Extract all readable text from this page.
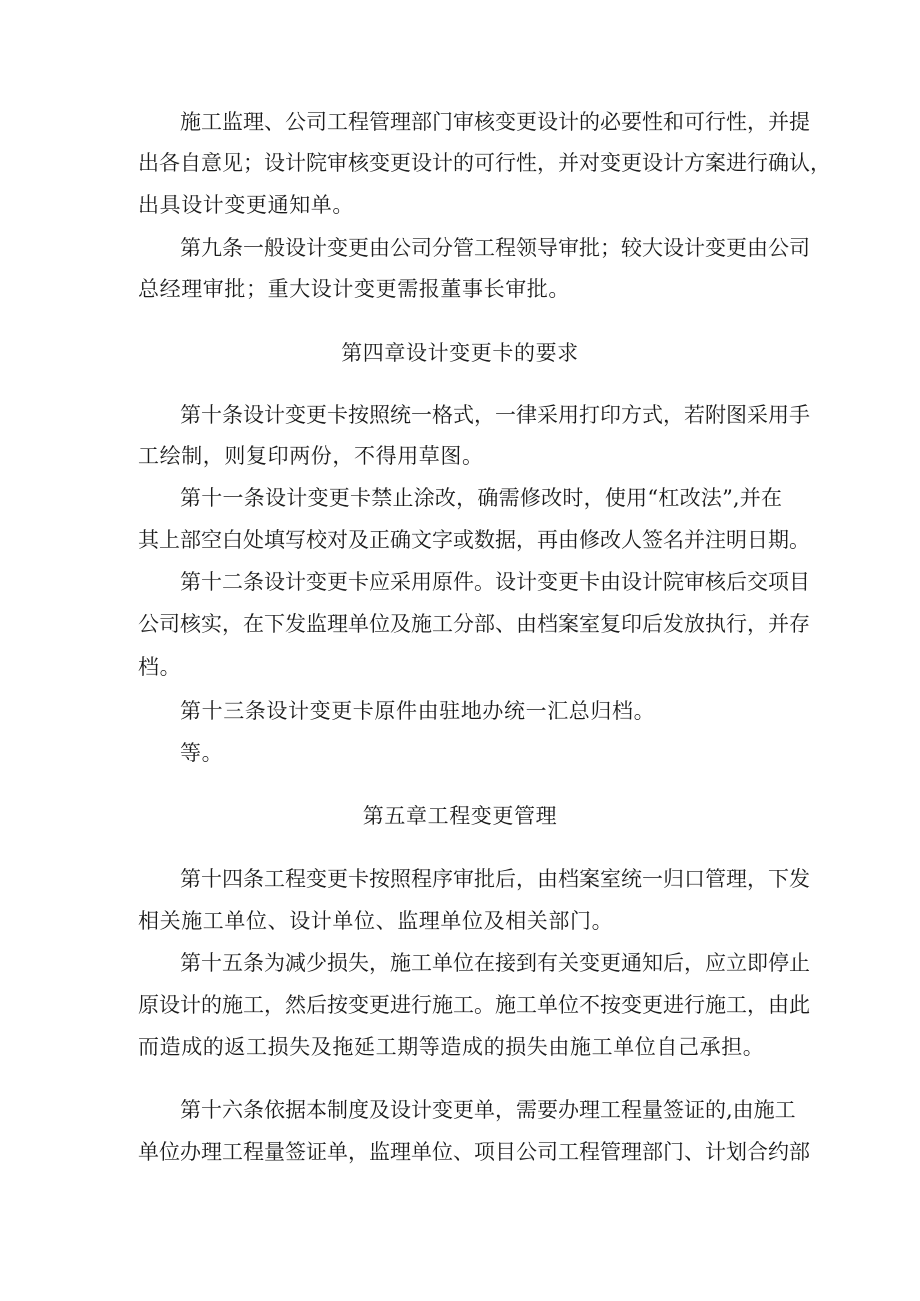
施工监理、公司工程管理部门审核变更设计的必要性和可行性，并提
出各自意见；设计院审核变更设计的可行性，并对变更设计方案进行确认，
出具设计变更通知单。
第九条一般设计变更由公司分管工程领导审批；较大设计变更由公司
总经理审批；重大设计变更需报董事长审批。
第四章设计变更卡的要求
第十条设计变更卡按照统一格式，一律采用打印方式，若附图采用手
工绘制，则复印两份，不得用草图。
第十一条设计变更卡禁止涂改，确需修改时，使用“杠改法”,并在
其上部空白处填写校对及正确文字或数据，再由修改人签名并注明日期。
第十二条设计变更卡应采用原件。设计变更卡由设计院审核后交项目
公司核实，在下发监理单位及施工分部、由档案室复印后发放执行，并存
档。
第十三条设计变更卡原件由驻地办统一汇总归档。
等。
第五章工程变更管理
第十四条工程变更卡按照程序审批后，由档案室统一归口管理，下发
相关施工单位、设计单位、监理单位及相关部门。
第十五条为减少损失，施工单位在接到有关变更通知后，应立即停止
原设计的施工，然后按变更进行施工。施工单位不按变更进行施工，由此
而造成的返工损失及拖延工期等造成的损失由施工单位自己承担。
第十六条依据本制度及设计变更单，需要办理工程量签证的,由施工
单位办理工程量签证单，监理单位、项目公司工程管理部门、计划合约部
